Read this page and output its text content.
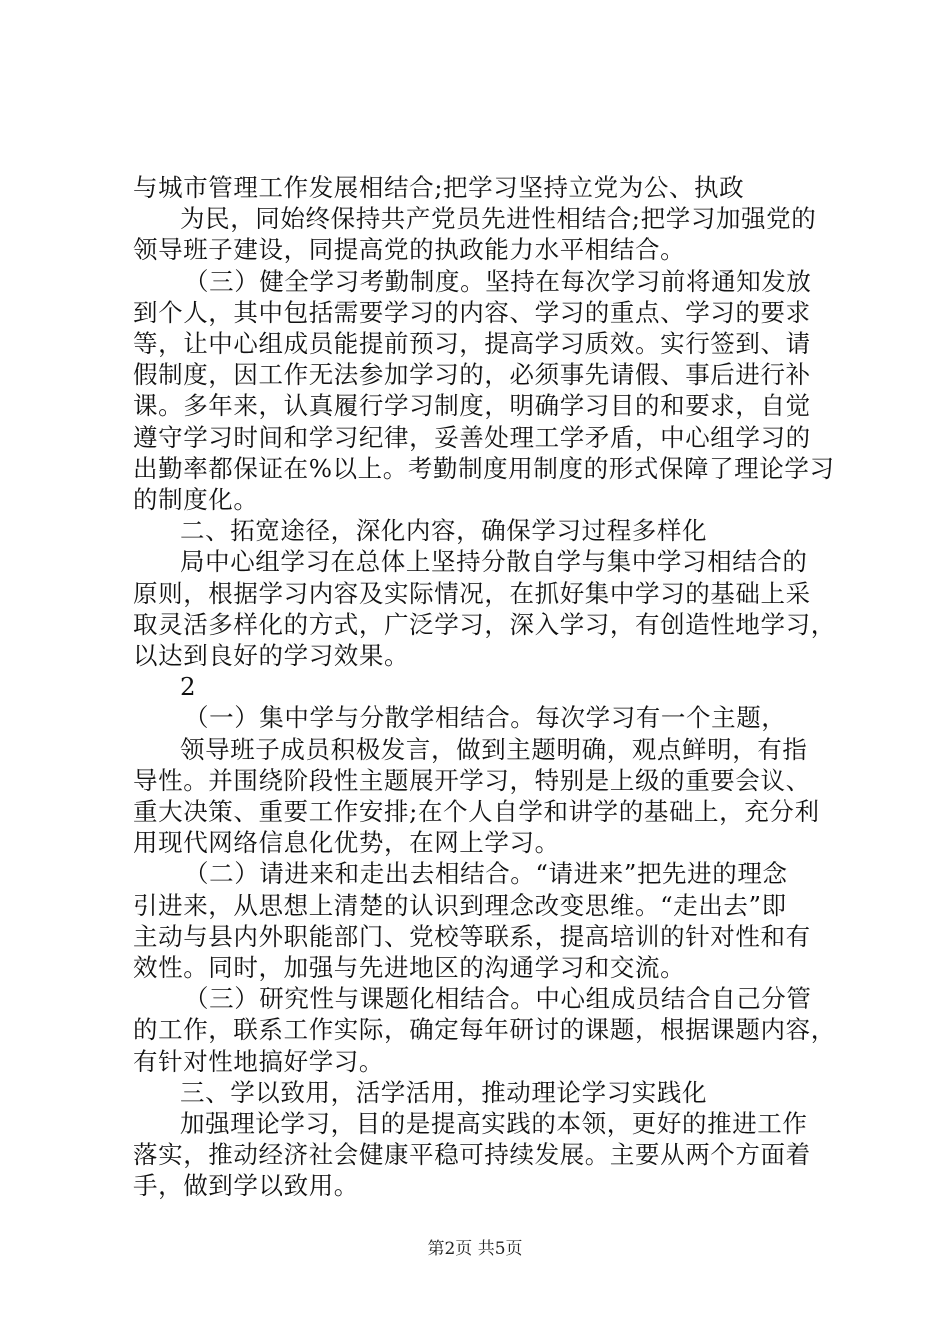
与城市管理工作发展相结合;把学习坚持立党为公、执政
为民，同始终保持共产党员先进性相结合;把学习加强党的
领导班子建设，同提高党的执政能力水平相结合。
（三）健全学习考勤制度。坚持在每次学习前将通知发放
到个人，其中包括需要学习的内容、学习的重点、学习的要求
等，让中心组成员能提前预习，提高学习质效。实行签到、请
假制度，因工作无法参加学习的，必须事先请假、事后进行补
课。多年来，认真履行学习制度，明确学习目的和要求，自觉
遵守学习时间和学习纪律，妥善处理工学矛盾，中心组学习的
出勤率都保证在%以上。考勤制度用制度的形式保障了理论学习
的制度化。
二、拓宽途径，深化内容，确保学习过程多样化
局中心组学习在总体上坚持分散自学与集中学习相结合的
原则，根据学习内容及实际情况，在抓好集中学习的基础上采
取灵活多样化的方式，广泛学习，深入学习，有创造性地学习，
以达到良好的学习效果。
2
（一）集中学与分散学相结合。每次学习有一个主题，
领导班子成员积极发言，做到主题明确，观点鲜明，有指
导性。并围绕阶段性主题展开学习，特别是上级的重要会议、
重大决策、重要工作安排;在个人自学和讲学的基础上，充分利
用现代网络信息化优势，在网上学习。
（二）请进来和走出去相结合。“请进来”把先进的理念
引进来，从思想上清楚的认识到理念改变思维。“走出去”即
主动与县内外职能部门、党校等联系，提高培训的针对性和有
效性。同时，加强与先进地区的沟通学习和交流。
（三）研究性与课题化相结合。中心组成员结合自己分管
的工作，联系工作实际，确定每年研讨的课题，根据课题内容，
有针对性地搞好学习。
三、学以致用，活学活用，推动理论学习实践化
加强理论学习，目的是提高实践的本领，更好的推进工作
第2页 共5页
落实，推动经济社会健康平稳可持续发展。主要从两个方面着
手，做到学以致用。
